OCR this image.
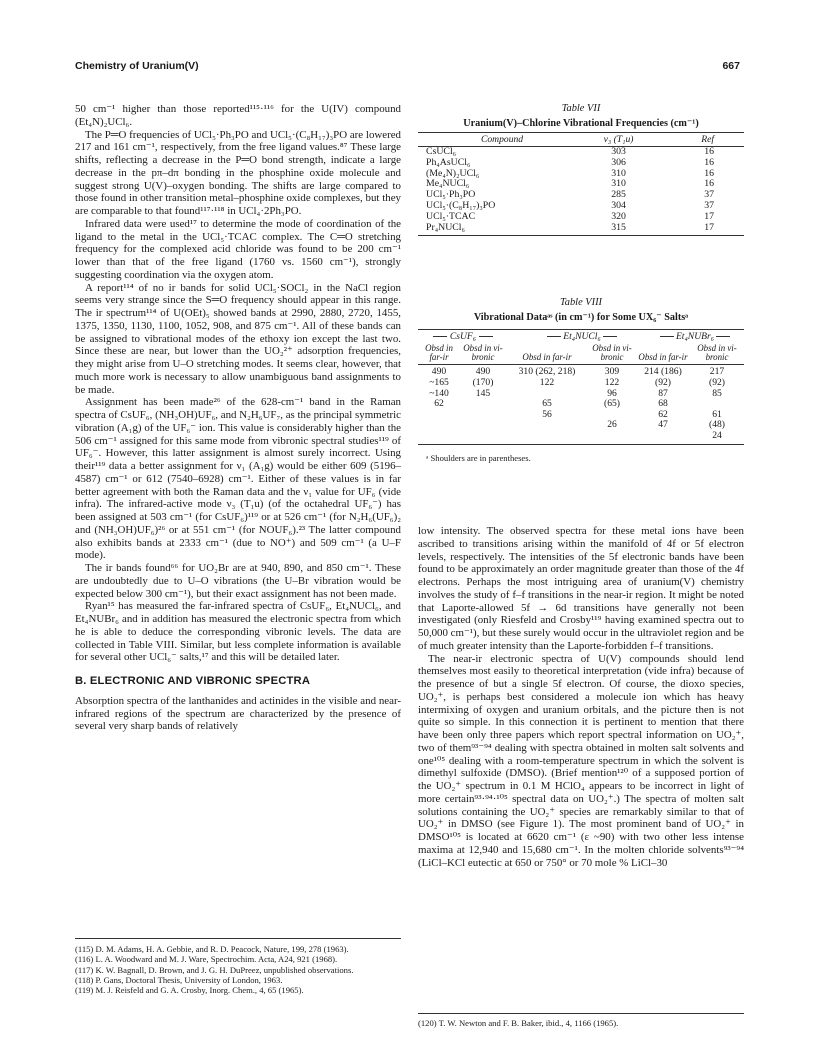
Chemistry of Uranium(V)	667

50 cm⁻¹ higher than those reported¹¹⁵·¹¹⁶ for the U(IV) compound (Et₄N)₂UCl₆.

The P═O frequencies of UCl₅·Ph₃PO and UCl₅·(C₈H₁₇)₃PO are lowered 217 and 161 cm⁻¹, respectively, from the free ligand values.⁸⁷ These large shifts, reflecting a decrease in the P═O bond strength, indicate a large decrease in the pπ–dπ bonding in the phosphine oxide molecule and suggest strong U(V)–oxygen bonding. The shifts are large compared to those found in other transition metal–phosphine oxide complexes, but they are comparable to that found¹¹⁷·¹¹⁸ in UCl₄·2Ph₃PO.

Infrared data were used¹⁷ to determine the mode of coordination of the ligand to the metal in the UCl₅·TCAC complex. The C═O stretching frequency for the complexed acid chloride was found to be 200 cm⁻¹ lower than that of the free ligand (1760 vs. 1560 cm⁻¹), strongly suggesting coordination via the oxygen atom.

A report¹¹⁴ of no ir bands for solid UCl₅·SOCl₂ in the NaCl region seems very strange since the S═O frequency should appear in this range. The ir spectrum¹¹⁴ of U(OEt)₅ showed bands at 2990, 2880, 2720, 1455, 1375, 1350, 1130, 1100, 1052, 908, and 875 cm⁻¹. All of these bands can be assigned to vibrational modes of the ethoxy ion except the last two. Since these are near, but lower than the UO₂²⁺ adsorption frequencies, they might arise from U–O stretching modes. It seems clear, however, that much more work is necessary to allow unambiguous band assignments to be made.

Assignment has been made²⁶ of the 628-cm⁻¹ band in the Raman spectra of CsUF₆, (NH₃OH)UF₆, and N₂H₆UF₇, as the principal symmetric vibration (A₁g) of the UF₆⁻ ion. This value is considerably higher than the 506 cm⁻¹ assigned for this same mode from vibronic spectral studies¹¹⁹ of UF₆⁻. However, this latter assignment is almost surely incorrect. Using their¹¹⁹ data a better assignment for ν₁ (A₁g) would be either 609 (5196–4587) cm⁻¹ or 612 (7540–6928) cm⁻¹. Either of these values is in far better agreement with both the Raman data and the ν₁ value for UF₆ (vide infra). The infrared-active mode ν₃ (T₁u) (of the octahedral UF₆⁻) has been assigned at 503 cm⁻¹ (for CsUF₆)¹¹⁹ or at 526 cm⁻¹ (for N₂H₆(UF₆)₂ and (NH₃OH)UF₆)²⁶ or at 551 cm⁻¹ (for NOUF₆).²³ The latter compound also exhibits bands at 2333 cm⁻¹ (due to NO⁺) and 509 cm⁻¹ (a U–F mode).

The ir bands found⁶⁶ for UO₂Br are at 940, 890, and 850 cm⁻¹. These are undoubtedly due to U–O vibrations (the U–Br vibration would be expected below 300 cm⁻¹), but their exact assignment has not been made.

Ryan¹⁵ has measured the far-infrared spectra of CsUF₆, Et₄NUCl₆, and Et₄NUBr₆ and in addition has measured the electronic spectra from which he is able to deduce the corresponding vibronic levels. The data are collected in Table VIII. Similar, but less complete information is available for several other UCl₆⁻ salts,¹⁷ and this will be detailed later.

B. ELECTRONIC AND VIBRONIC SPECTRA

Absorption spectra of the lanthanides and actinides in the visible and near-infrared regions of the spectrum are characterized by the presence of several very sharp bands of relatively

(115) D. M. Adams, H. A. Gebbie, and R. D. Peacock, Nature, 199, 278 (1963).
(116) L. A. Woodward and M. J. Ware, Spectrochim. Acta, A24, 921 (1968).
(117) K. W. Bagnall, D. Brown, and J. G. H. DuPreez, unpublished observations.
(118) P. Gans, Doctoral Thesis, University of London, 1963.
(119) M. J. Reisfeld and G. A. Crosby, Inorg. Chem., 4, 65 (1965).
Table VII
Uranium(V)–Chlorine Vibrational Frequencies (cm⁻¹)
Compound	ν₃ (T₁u)	Ref
CsUCl₆	303	16
Ph₄AsUCl₆	306	16
(Me₄N)₂UCl₆	310	16
Me₄NUCl₆	310	16
UCl₅·Ph₃PO	285	37
UCl₅·(C₈H₁₇)₃PO	304	37
UCl₅·TCAC	320	17
Pr₄NUCl₆	315	17
Table VIII
Vibrational Dataᵃˢ (in cm⁻¹) for Some UX₆⁻ Saltsᵃ
CsUF₆	Et₄NUCl₆	Et₄NUBr₆
Obsd in far-ir	Obsd in vi-bronic	Obsd in far-ir	Obsd in vi-bronic	Obsd in far-ir	Obsd in vi-bronic
490	490	310 (262, 218)	309	214 (186)	217
~165	(170)	122	122	(92)	(92)
~140	145		96	87	85
62		65	(65)	68	
		56		62	61
			26	47	(48)
					24
ᵃ Shoulders are in parentheses.

low intensity. The observed spectra for these metal ions have been ascribed to transitions arising within the manifold of 4f or 5f electron levels, respectively. The intensities of the 5f electronic bands have been found to be approximately an order magnitude greater than those of the 4f electrons. Perhaps the most intriguing area of uranium(V) chemistry involves the study of f–f transitions in the near-ir region. It might be noted that Laporte-allowed 5f → 6d transitions have generally not been investigated (only Riesfeld and Crosby¹¹⁹ having examined spectra out to 50,000 cm⁻¹), but these surely would occur in the ultraviolet region and be of much greater intensity than the Laporte-forbidden f–f transitions.

The near-ir electronic spectra of U(V) compounds should lend themselves most easily to theoretical interpretation (vide infra) because of the presence of but a single 5f electron. Of course, the dioxo species, UO₂⁺, is perhaps best considered a molecule ion which has heavy intermixing of oxygen and uranium orbitals, and the picture then is not quite so simple. In this connection it is pertinent to mention that there have been only three papers which report spectral information on UO₂⁺, two of them⁹³⁻⁹⁴ dealing with spectra obtained in molten salt solvents and one¹⁰⁵ dealing with a room-temperature spectrum in which the solvent is dimethyl sulfoxide (DMSO). (Brief mention¹²⁰ of a supposed portion of the UO₂⁺ spectrum in 0.1 M HClO₄ appears to be incorrect in light of more certain⁹³·⁹⁴·¹⁰⁵ spectral data on UO₂⁺.) The spectra of molten salt solutions containing the UO₂⁺ species are remarkably similar to that of UO₂⁺ in DMSO (see Figure 1). The most prominent band of UO₂⁺ in DMSO¹⁰⁵ is located at 6620 cm⁻¹ (ε ~90) with two other less intense maxima at 12,940 and 15,680 cm⁻¹. In the molten chloride solvents⁹³⁻⁹⁴ (LiCl–KCl eutectic at 650 or 750° or 70 mole % LiCl–30

(120) T. W. Newton and F. B. Baker, ibid., 4, 1166 (1965).
